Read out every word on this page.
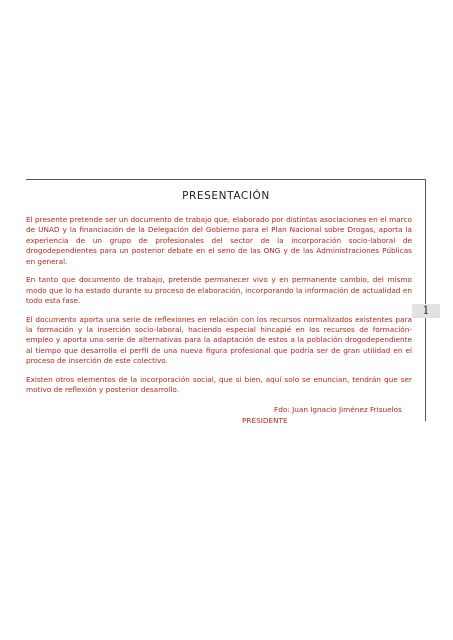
PRESENTACIÓN

El presente pretende ser un documento de trabajo que, elaborado por distintas asociaciones en el marco de UNAD y la financiación de la Delegación del Gobierno para el Plan Nacional sobre Drogas, aporta la experiencia de un grupo de profesionales del sector de la incorporación socio-laboral de drogodependientes para un posterior debate en el seno de las ONG y de las Administraciones Públicas en general.

En tanto que documento de trabajo, pretende permanecer vivo y en permanente cambio, del mismo modo que lo ha estado durante su proceso de elaboración, incorporando la información de actualidad en todo esta fase.

El documento aporta una serie de reflexiones en relación con los recursos normalizados existentes para la formación y la inserción socio-laboral, haciendo especial hincapié en los recursos de formación-empleo y aporta una serie de alternativas para la adaptación de estos a la población drogodependiente al tiempo que desarrolla el perfil de una nueva figura profesional que podría ser de gran utilidad en el proceso de inserción de este colectivo.

Existen otros elementos de la incorporación social, que si bien, aquí solo se enuncian, tendrán que ser motivo de reflexión y posterior desarrollo.

Fdo: Juan Ignacio Jiménez Frisuelos
PRESIDENTE
1
